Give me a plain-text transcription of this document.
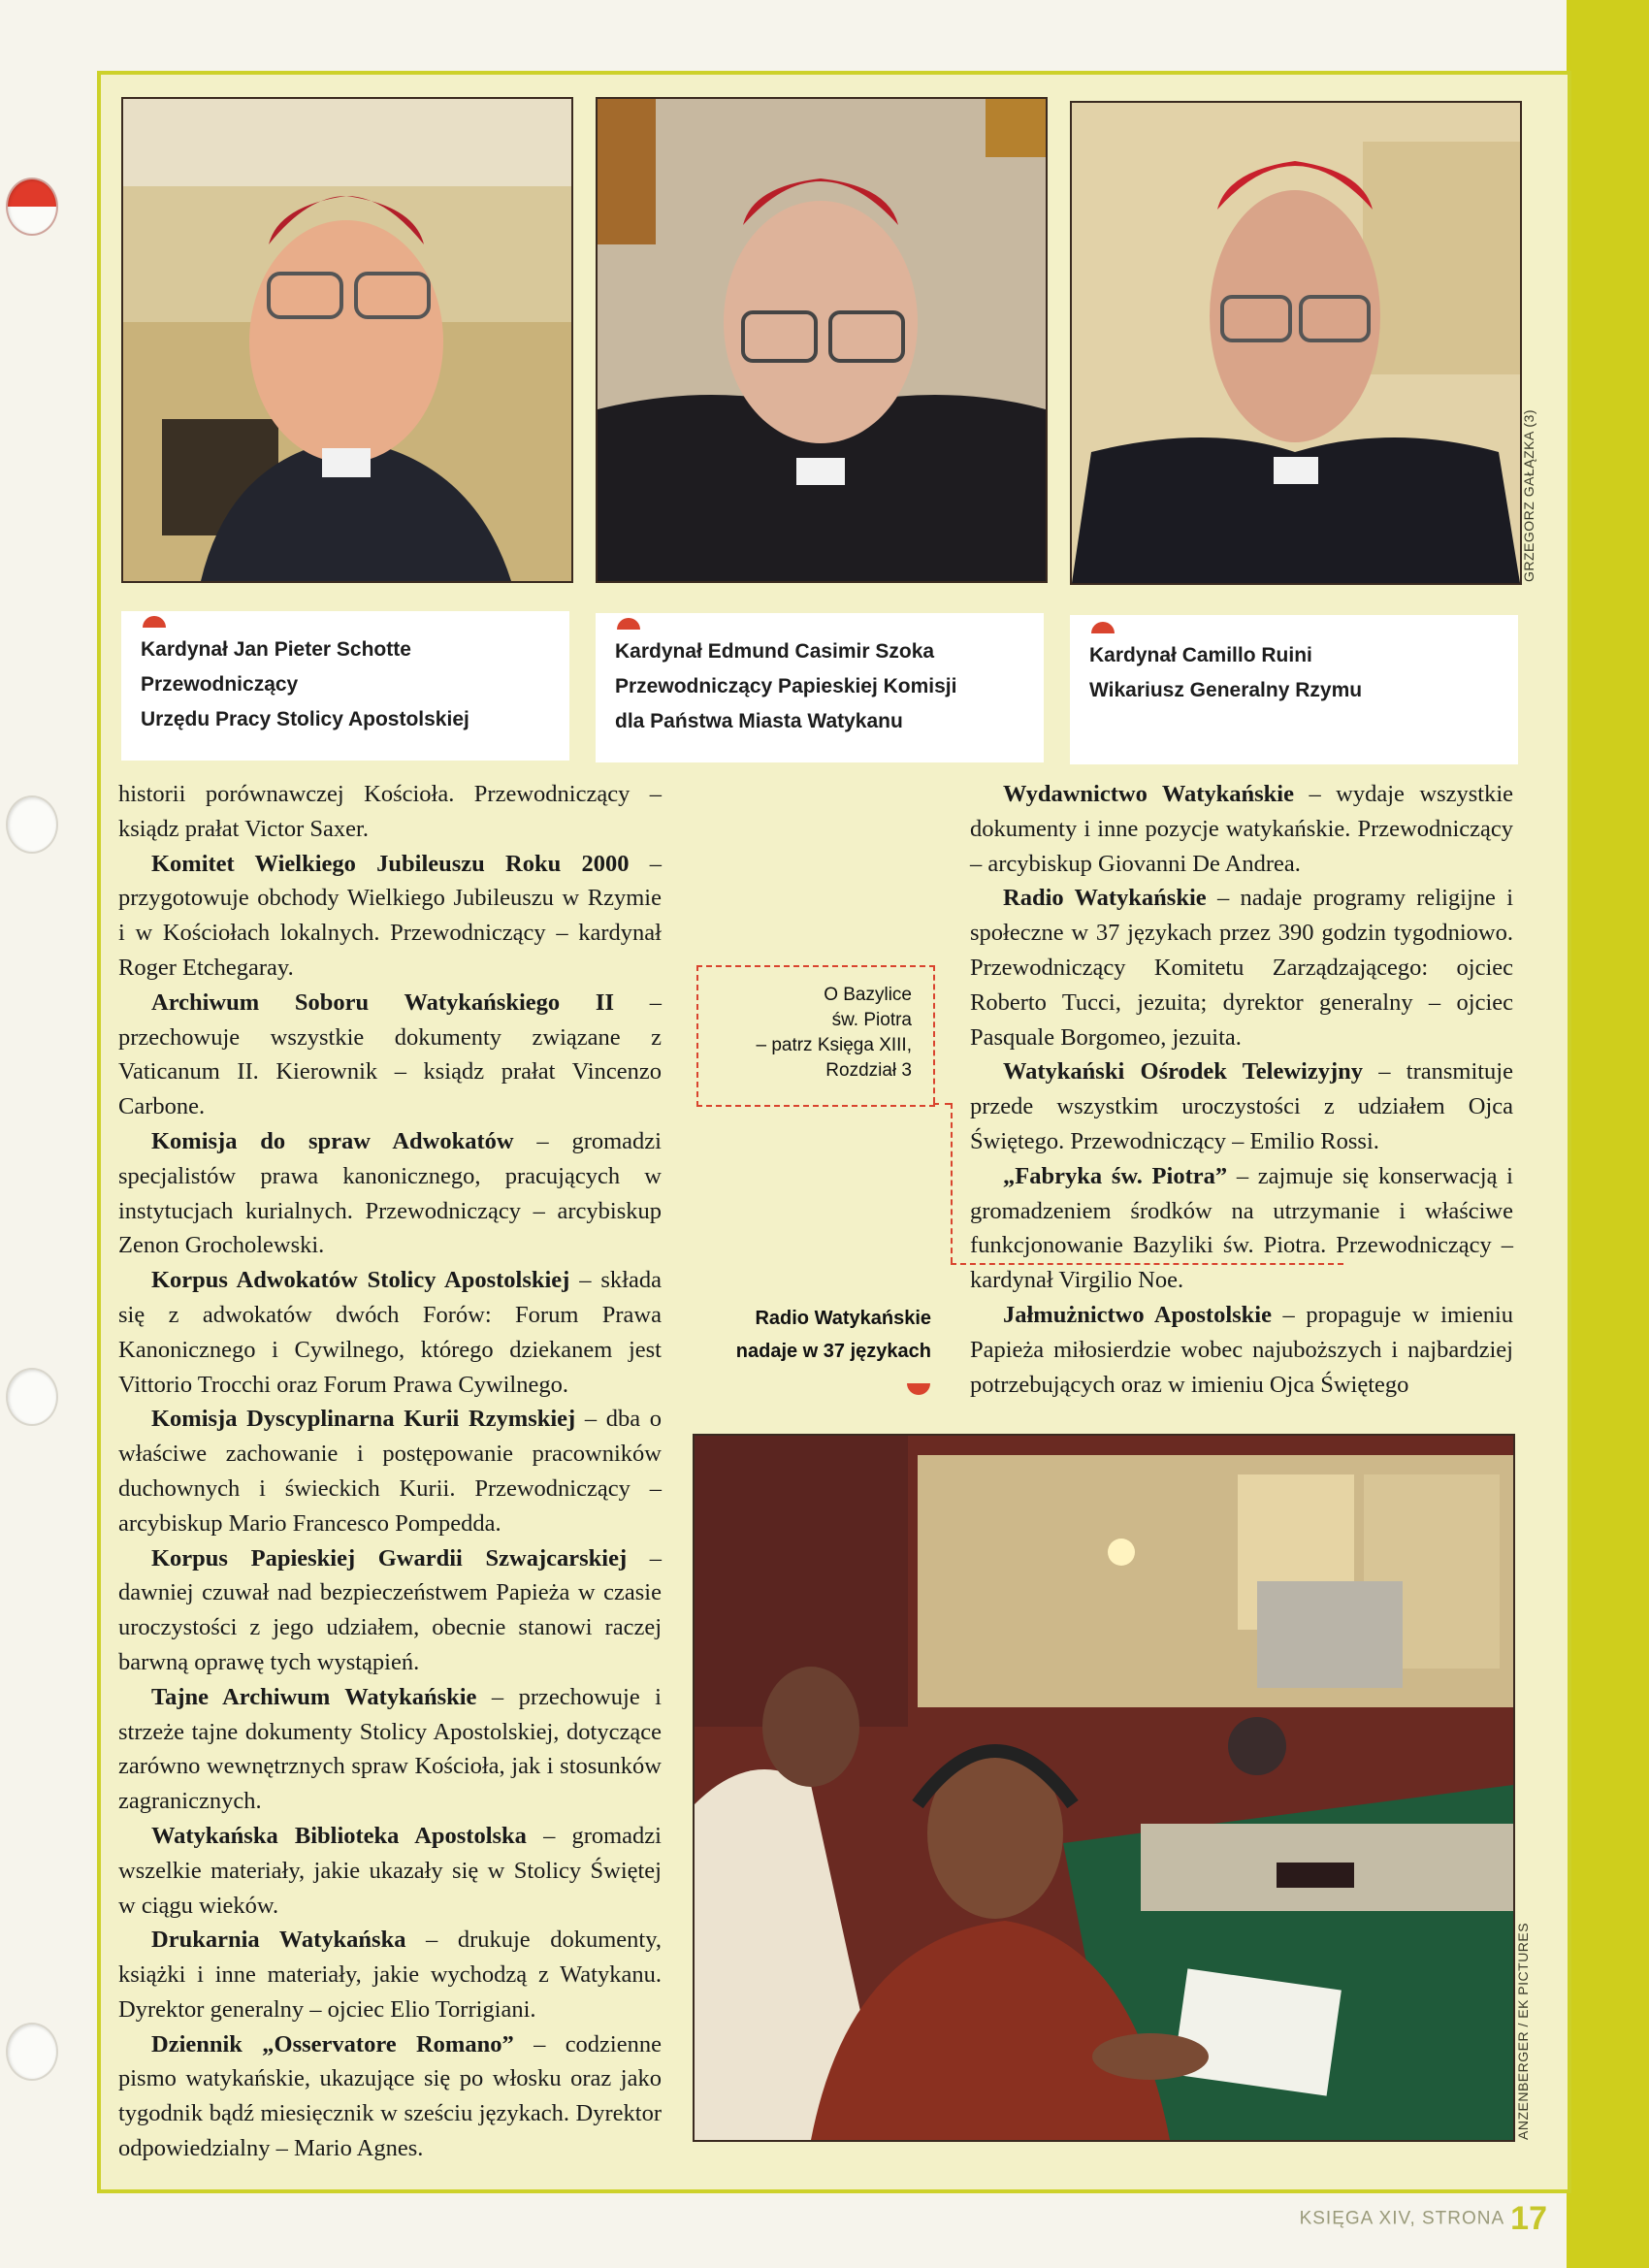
GRZEGORZ GAŁĄZKA (3)
Kardynał Jan Pieter Schotte
Przewodniczący
Urzędu Pracy Stolicy Apostolskiej
Kardynał Edmund Casimir Szoka
Przewodniczący Papieskiej Komisji
dla Państwa Miasta Watykanu
Kardynał Camillo Ruini
Wikariusz Generalny Rzymu

historii porównawczej Kościoła. Przewodniczący – ksiądz prałat Victor Saxer.

Komitet Wielkiego Jubileuszu Roku 2000 – przygotowuje obchody Wielkiego Jubileuszu w Rzymie i w Kościołach lokalnych. Przewodniczący – kardynał Roger Etchegaray.

Archiwum Soboru Watykańskiego II – przechowuje wszystkie dokumenty związane z Vaticanum II. Kierownik – ksiądz prałat Vincenzo Carbone.

Komisja do spraw Adwokatów – gromadzi specjalistów prawa kanonicznego, pracujących w instytucjach kurialnych. Przewodniczący – arcybiskup Zenon Grocholewski.

Korpus Adwokatów Stolicy Apostolskiej – składa się z adwokatów dwóch Forów: Forum Prawa Kanonicznego i Cywilnego, którego dziekanem jest Vittorio Trocchi oraz Forum Prawa Cywilnego.

Komisja Dyscyplinarna Kurii Rzymskiej – dba o właściwe zachowanie i postępowanie pracowników duchownych i świeckich Kurii. Przewodniczący – arcybiskup Mario Francesco Pompedda.

Korpus Papieskiej Gwardii Szwajcarskiej – dawniej czuwał nad bezpieczeństwem Papieża w czasie uroczystości z jego udziałem, obecnie stanowi raczej barwną oprawę tych wystąpień.

Tajne Archiwum Watykańskie – przechowuje i strzeże tajne dokumenty Stolicy Apostolskiej, dotyczące zarówno wewnętrznych spraw Kościoła, jak i stosunków zagranicznych.

Watykańska Biblioteka Apostolska – gromadzi wszelkie materiały, jakie ukazały się w Stolicy Świętej w ciągu wieków.

Drukarnia Watykańska – drukuje dokumenty, książki i inne materiały, jakie wychodzą z Watykanu. Dyrektor generalny – ojciec Elio Torrigiani.

Dziennik „Osservatore Romano” – codzienne pismo watykańskie, ukazujące się po włosku oraz jako tygodnik bądź miesięcznik w sześciu językach. Dyrektor odpowiedzialny – Mario Agnes.

O Bazylice
św. Piotra
– patrz Księga XIII,
Rozdział 3
Radio Watykańskie
nadaje w 37 językach

Wydawnictwo Watykańskie – wydaje wszystkie dokumenty i inne pozycje watykańskie. Przewodniczący – arcybiskup Giovanni De Andrea.

Radio Watykańskie – nadaje programy religijne i społeczne w 37 językach przez 390 godzin tygodniowo. Przewodniczący Komitetu Zarządzającego: ojciec Roberto Tucci, jezuita; dyrektor generalny – ojciec Pasquale Borgomeo, jezuita.

Watykański Ośrodek Telewizyjny – transmituje przede wszystkim uroczystości z udziałem Ojca Świętego. Przewodniczący – Emilio Rossi.

„Fabryka św. Piotra” – zajmuje się konserwacją i gromadzeniem środków na utrzymanie i właściwe funkcjonowanie Bazyliki św. Piotra. Przewodniczący – kardynał Virgilio Noe.

Jałmużnictwo Apostolskie – propaguje w imieniu Papieża miłosierdzie wobec najuboższych i najbardziej potrzebujących oraz w imieniu Ojca Świętego

ANZENBERGER / EK PICTURES
KSIĘGA XIV, STRONA 17
